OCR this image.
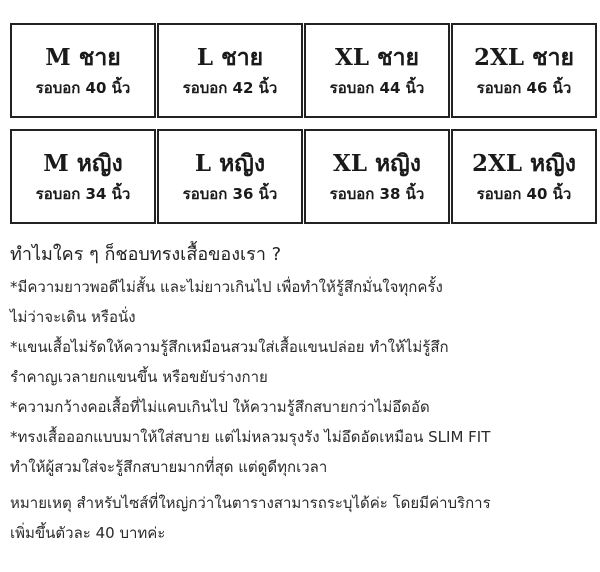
M ชาย
รอบอก 40 นิ้ว
L ชาย
รอบอก 42 นิ้ว
XL ชาย
รอบอก 44 นิ้ว
2XL ชาย
รอบอก 46 นิ้ว
M หญิง
รอบอก 34 นิ้ว
L หญิง
รอบอก 36 นิ้ว
XL หญิง
รอบอก 38 นิ้ว
2XL หญิง
รอบอก 40 นิ้ว
ทำไมใคร ๆ ก็ชอบทรงเสื้อของเรา ?
*มีความยาวพอดีไม่สั้น และไม่ยาวเกินไป เพื่อทำให้รู้สึกมั่นใจทุกครั้ง
ไม่ว่าจะเดิน หรือนั่ง
*แขนเสื้อไม่รัดให้ความรู้สึกเหมือนสวมใส่เสื้อแขนปล่อย ทำให้ไม่รู้สึก
รำคาญเวลายกแขนขึ้น หรือขยับร่างกาย
*ความกว้างคอเสื้อที่ไม่แคบเกินไป ให้ความรู้สึกสบายกว่าไม่อึดอัด
*ทรงเสื้อออกแบบมาให้ใส่สบาย แต่ไม่หลวมรุงรัง ไม่อึดอัดเหมือน SLIM FIT
ทำให้ผู้สวมใส่จะรู้สึกสบายมากที่สุด แต่ดูดีทุกเวลา
หมายเหตุ สำหรับไซส์ที่ใหญ่กว่าในตารางสามารถระบุได้ค่ะ โดยมีค่าบริการ
เพิ่มขึ้นตัวละ 40 บาทค่ะ
